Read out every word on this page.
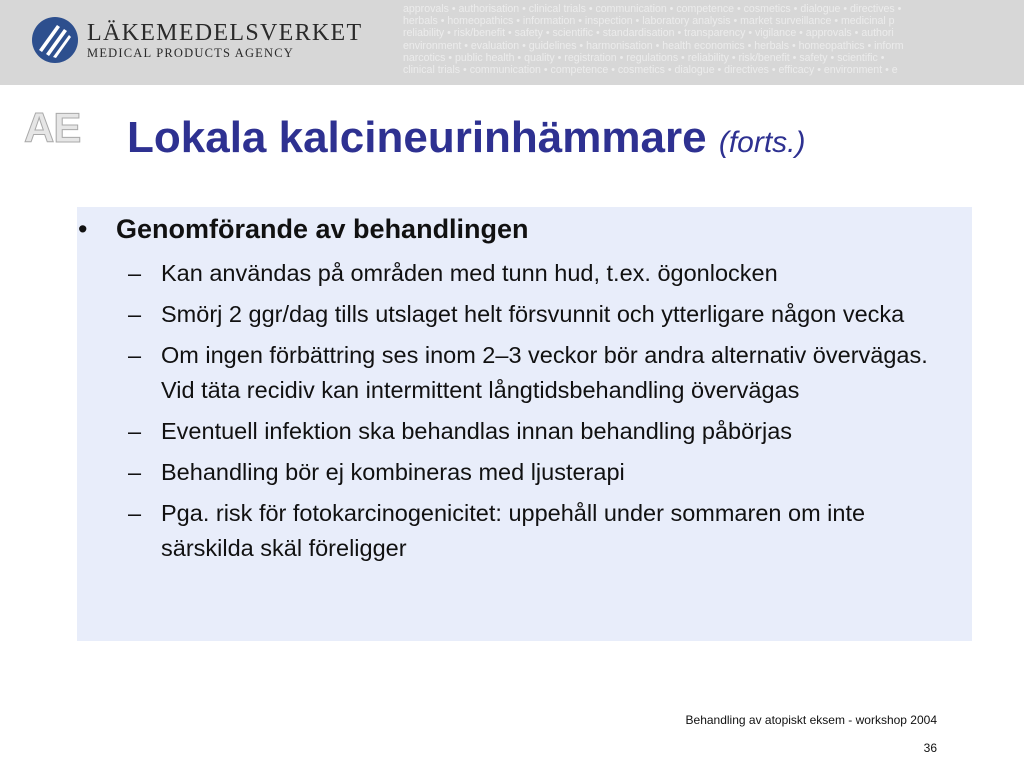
LÄKEMEDELSVERKET
MEDICAL PRODUCTS AGENCY
approvals • authorisation • clinical trials • communication • competence • cosmetics • dialogue • directives •
herbals • homeopathics • information • inspection • laboratory analysis • market surveillance • medicinal p
reliability • risk/benefit • safety • scientific • standardisation • transparency • vigilance • approvals • authori
environment • evaluation • guidelines • harmonisation • health economics • herbals • homeopathics • inform
narcotics • public health • quality • registration • regulations • reliability • risk/benefit • safety • scientific •
clinical trials • communication • competence • cosmetics • dialogue • directives • efficacy • environment • e
AE Lokala kalcineurinhämmare (forts.)

• Genomförande av behandlingen

– Kan användas på områden med tunn hud, t.ex. ögonlocken
– Smörj 2 ggr/dag tills utslaget helt försvunnit och ytterligare någon vecka
– Om ingen förbättring ses inom 2–3 veckor bör andra alternativ övervägas. Vid täta recidiv kan intermittent långtidsbehandling övervägas
– Eventuell infektion ska behandlas innan behandling påbörjas
– Behandling bör ej kombineras med ljusterapi
– Pga. risk för fotokarcinogenicitet: uppehåll under sommaren om inte särskilda skäl föreligger
Behandling av atopiskt eksem - workshop 2004
36
